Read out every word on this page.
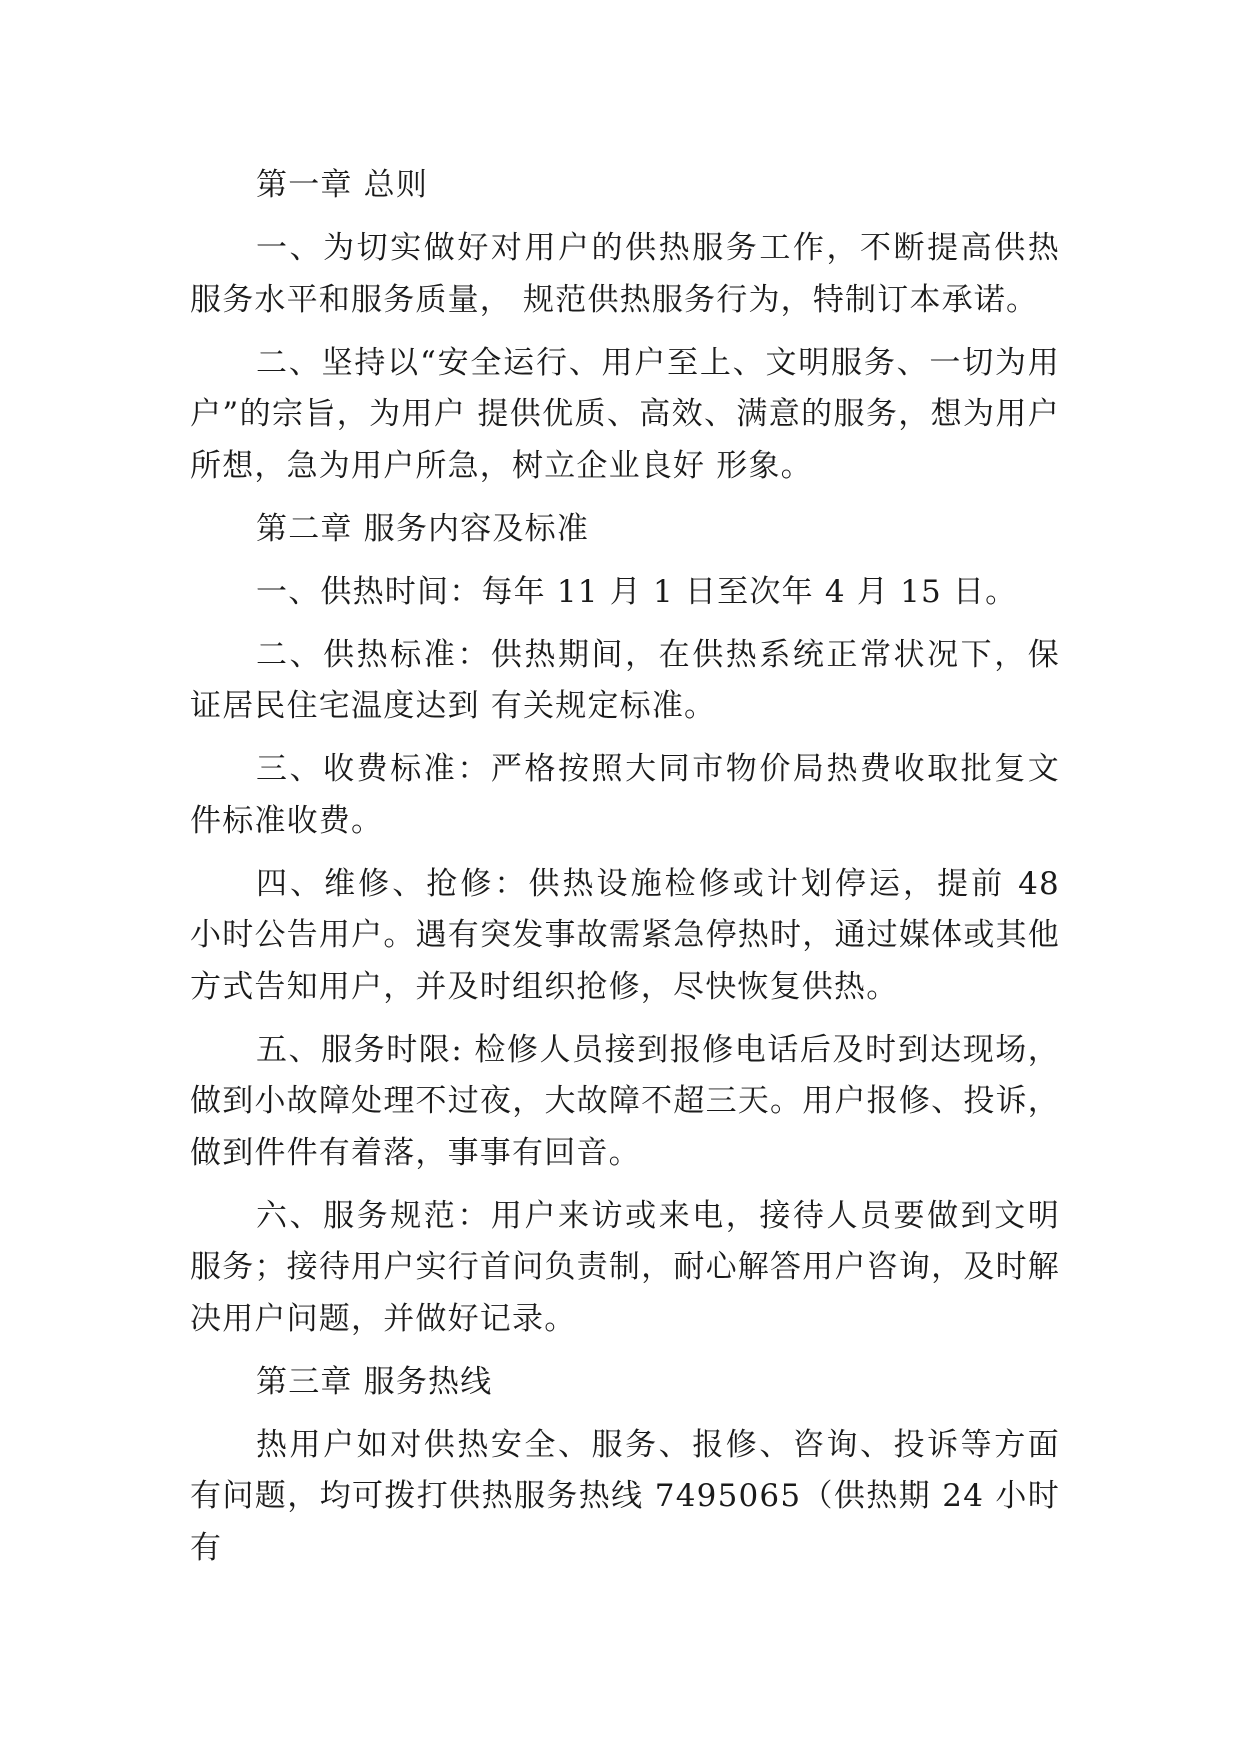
第一章 总则

一、为切实做好对用户的供热服务工作，不断提高供热服务水平和服务质量， 规范供热服务行为，特制订本承诺。

二、坚持以“安全运行、用户至上、文明服务、一切为用户”的宗旨，为用户 提供优质、高效、满意的服务，想为用户所想，急为用户所急，树立企业良好 形象。

第二章 服务内容及标准

一、供热时间：每年 11 月 1 日至次年 4 月 15 日。

二、供热标准：供热期间，在供热系统正常状况下，保证居民住宅温度达到 有关规定标准。

三、收费标准：严格按照大同市物价局热费收取批复文件标准收费。

四、维修、抢修：供热设施检修或计划停运，提前 48 小时公告用户。遇有突发事故需紧急停热时，通过媒体或其他方式告知用户，并及时组织抢修，尽快恢复供热。

五、服务时限: 检修人员接到报修电话后及时到达现场，做到小故障处理不过夜，大故障不超三天。用户报修、投诉，做到件件有着落，事事有回音。

六、服务规范：用户来访或来电，接待人员要做到文明服务；接待用户实行首问负责制，耐心解答用户咨询，及时解决用户问题，并做好记录。

第三章 服务热线

热用户如对供热安全、服务、报修、咨询、投诉等方面有问题，均可拨打供热服务热线 7495065（供热期 24 小时有
